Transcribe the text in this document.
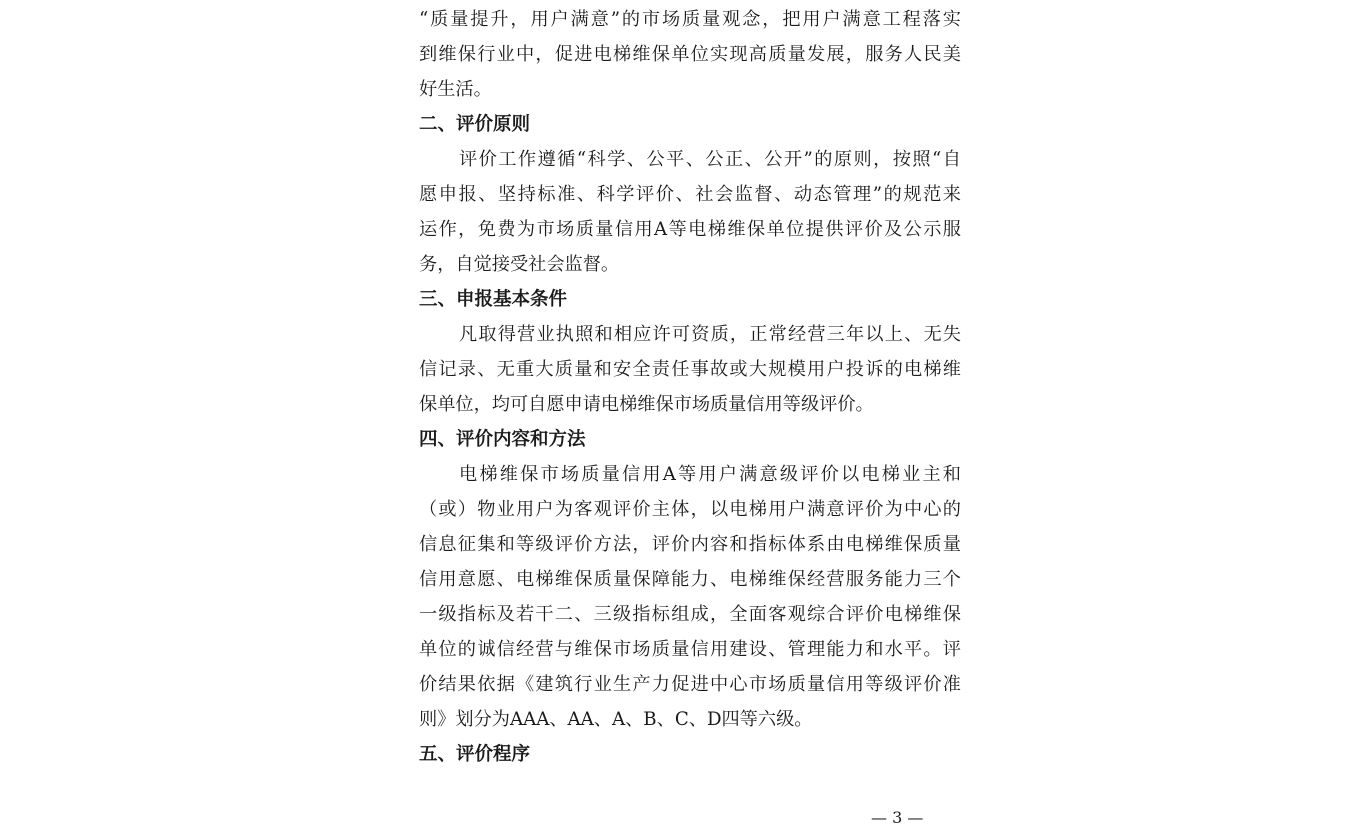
“质量提升，用户满意”的市场质量观念，把用户满意工程落实
到维保行业中，促进电梯维保单位实现高质量发展，服务人民美
好生活。
二、评价原则
评价工作遵循“科学、公平、公正、公开”的原则，按照“自
愿申报、坚持标准、科学评价、社会监督、动态管理”的规范来
运作，免费为市场质量信用A等电梯维保单位提供评价及公示服
务，自觉接受社会监督。
三、申报基本条件
凡取得营业执照和相应许可资质，正常经营三年以上、无失
信记录、无重大质量和安全责任事故或大规模用户投诉的电梯维
保单位，均可自愿申请电梯维保市场质量信用等级评价。
四、评价内容和方法
电梯维保市场质量信用A等用户满意级评价以电梯业主和
（或）物业用户为客观评价主体，以电梯用户满意评价为中心的
信息征集和等级评价方法，评价内容和指标体系由电梯维保质量
信用意愿、电梯维保质量保障能力、电梯维保经营服务能力三个
一级指标及若干二、三级指标组成，全面客观综合评价电梯维保
单位的诚信经营与维保市场质量信用建设、管理能力和水平。评
价结果依据《建筑行业生产力促进中心市场质量信用等级评价准
则》划分为AAA、AA、A、B、C、D四等六级。
五、评价程序
— 3 —
